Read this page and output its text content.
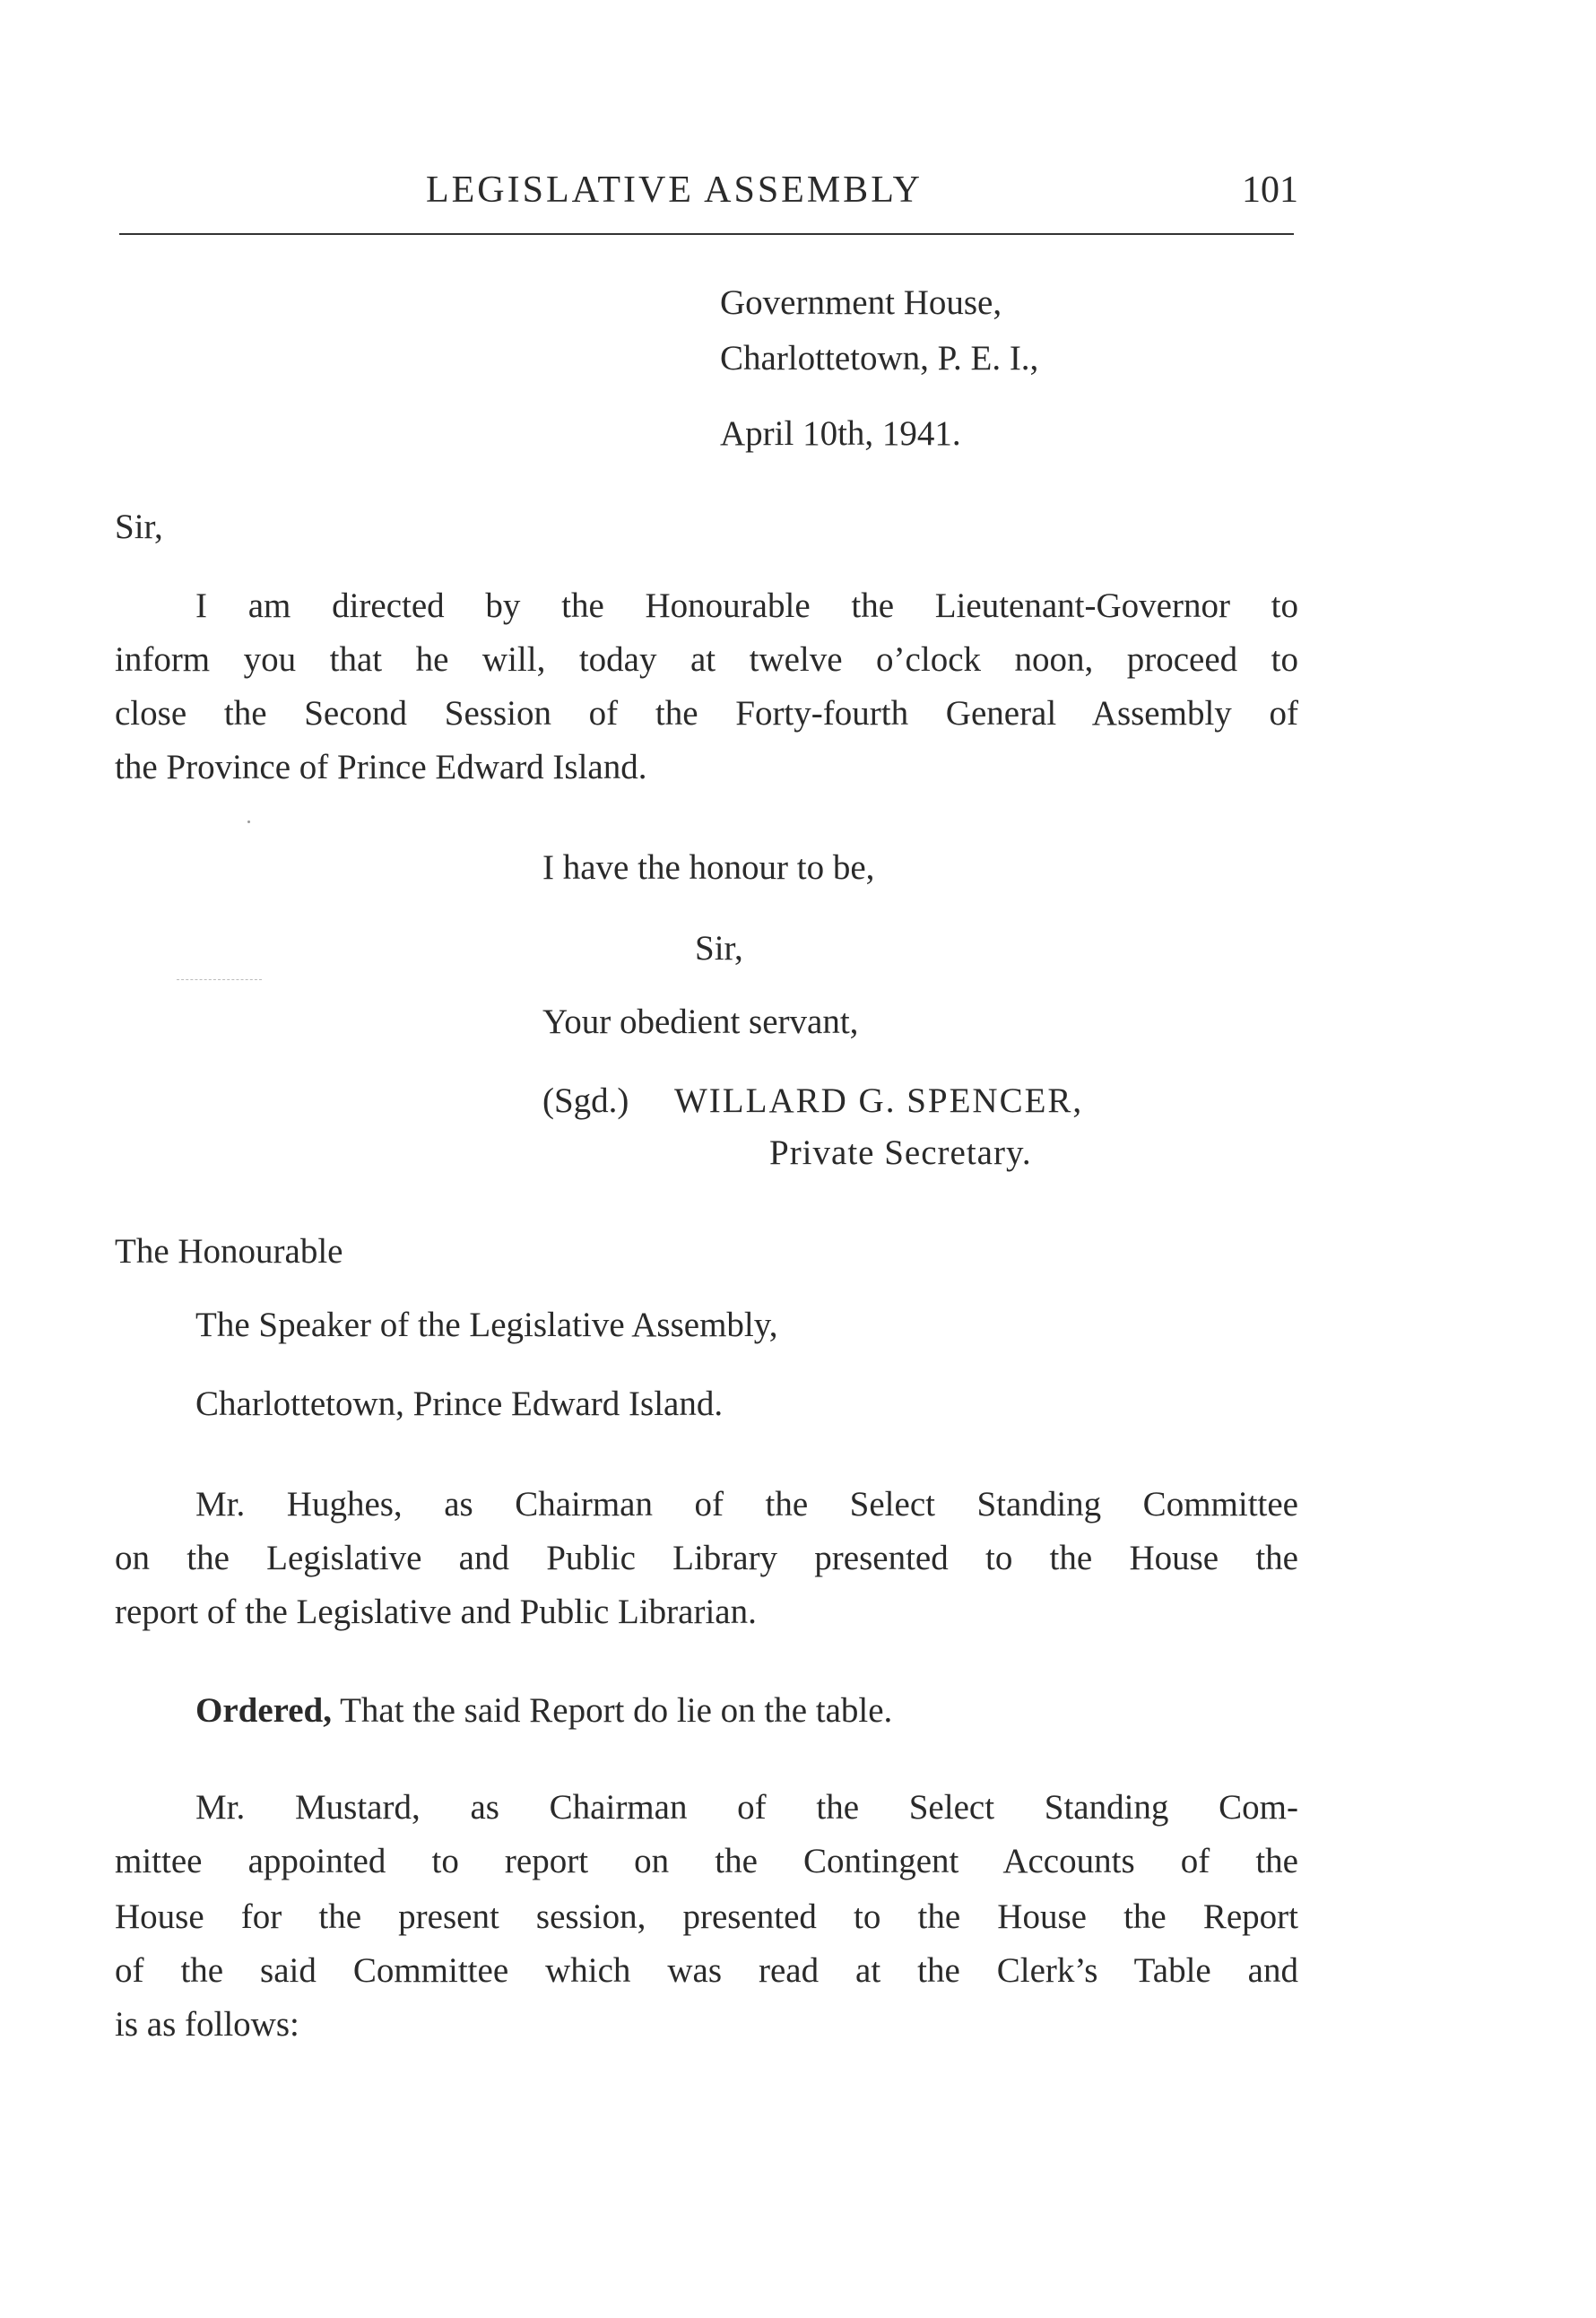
LEGISLATIVE ASSEMBLY	101
Government House,
Charlottetown, P. E. I.,
April 10th, 1941.
Sir,
I am directed by the Honourable the Lieutenant-Governor to
inform you that he will, today at twelve o’clock noon, proceed to
close the Second Session of the Forty-fourth General Assembly of
the Province of Prince Edward Island.
I have the honour to be,
Sir,
Your obedient servant,
(Sgd.) WILLARD G. SPENCER,
Private Secretary.
The Honourable
The Speaker of the Legislative Assembly,
Charlottetown, Prince Edward Island.
Mr. Hughes, as Chairman of the Select Standing Committee
on the Legislative and Public Library presented to the House the
report of the Legislative and Public Librarian.
Ordered, That the said Report do lie on the table.
Mr. Mustard, as Chairman of the Select Standing Com-
mittee appointed to report on the Contingent Accounts of the
House for the present session, presented to the House the Report
of the said Committee which was read at the Clerk’s Table and
is as follows:
